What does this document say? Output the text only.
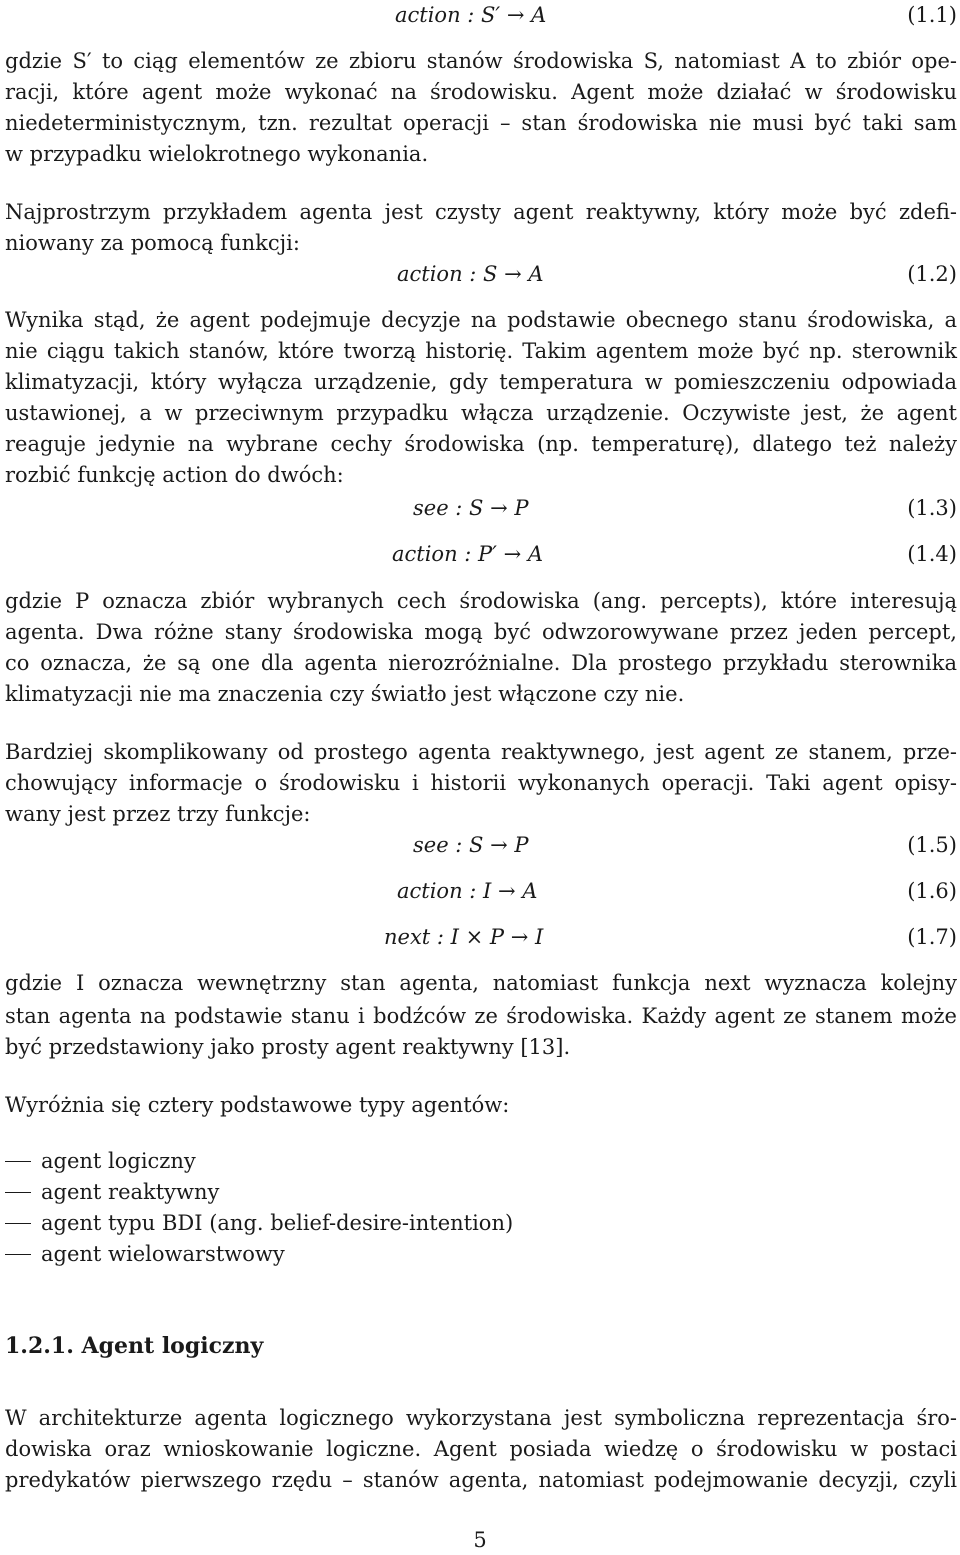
action : S′ → A	(1.1)
gdzie S′ to ciąg elementów ze zbioru stanów środowiska S, natomiast A to zbiór ope-
racji, które agent może wykonać na środowisku. Agent może działać w środowisku
niedeterministycznym, tzn. rezultat operacji – stan środowiska nie musi być taki sam
w przypadku wielokrotnego wykonania.
Najprostrzym przykładem agenta jest czysty agent reaktywny, który może być zdefi-
niowany za pomocą funkcji:
action : S → A	(1.2)
Wynika stąd, że agent podejmuje decyzje na podstawie obecnego stanu środowiska, a
nie ciągu takich stanów, które tworzą historię. Takim agentem może być np. sterownik
klimatyzacji, który wyłącza urządzenie, gdy temperatura w pomieszczeniu odpowiada
ustawionej, a w przeciwnym przypadku włącza urządzenie. Oczywiste jest, że agent
reaguje jedynie na wybrane cechy środowiska (np. temperaturę), dlatego też należy
rozbić funkcję action do dwóch:
see : S → P	(1.3)
action : P′ → A	(1.4)
gdzie P oznacza zbiór wybranych cech środowiska (ang. percepts), które interesują
agenta. Dwa różne stany środowiska mogą być odwzorowywane przez jeden percept,
co oznacza, że są one dla agenta nierozróżnialne. Dla prostego przykładu sterownika
klimatyzacji nie ma znaczenia czy światło jest włączone czy nie.
Bardziej skomplikowany od prostego agenta reaktywnego, jest agent ze stanem, prze-
chowujący informacje o środowisku i historii wykonanych operacji. Taki agent opisy-
wany jest przez trzy funkcje:
see : S → P	(1.5)
action : I → A	(1.6)
next : I × P → I	(1.7)
gdzie I oznacza wewnętrzny stan agenta, natomiast funkcja next wyznacza kolejny
stan agenta na podstawie stanu i bodźców ze środowiska. Każdy agent ze stanem może
być przedstawiony jako prosty agent reaktywny [13].
Wyróżnia się cztery podstawowe typy agentów:
agent logiczny
agent reaktywny
agent typu BDI (ang. belief-desire-intention)
agent wielowarstwowy
1.2.1. Agent logiczny
W architekturze agenta logicznego wykorzystana jest symboliczna reprezentacja śro-
dowiska oraz wnioskowanie logiczne. Agent posiada wiedzę o środowisku w postaci
predykatów pierwszego rzędu – stanów agenta, natomiast podejmowanie decyzji, czyli
5
